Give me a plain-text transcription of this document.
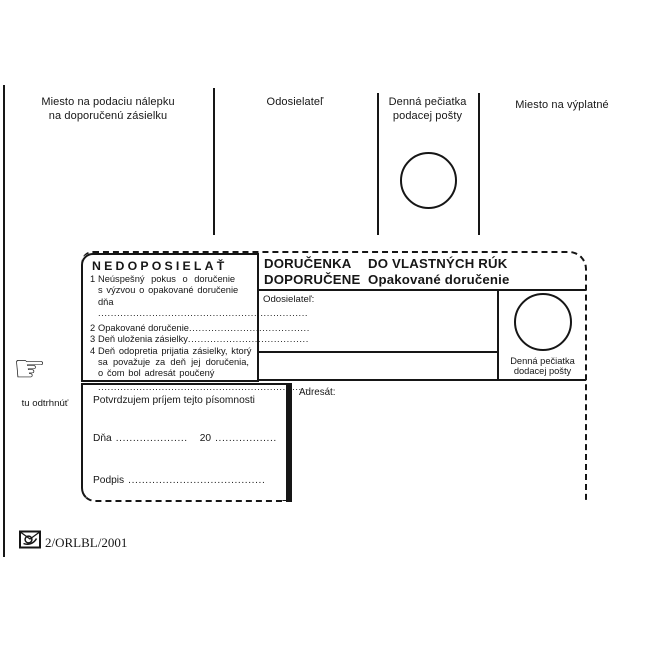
Miesto na podaciu nálepku
na doporučenú zásielku
Odosielateľ	Denná pečiatka
podacej pošty
Miesto na výplatné
NEDOPOSIELAŤ
1 Neúspešný pokus o doručenie
s výzvou o opakované doručenie dňa
..................................................................
2 Opakované doručenie ......................................
3 Deň uloženia zásielky ......................................
4 Deň odopretia prijatia zásielky, ktorý
sa považuje za deň jej doručenia,
o čom bol adresát poučený
..................................................................
DORUČENKA
DOPORUČENE
DO VLASTNÝCH RÚK
Opakované doručenie
Odosielateľ:
Denná pečiatka
dodacej pošty
Potvrdzujem príjem tejto písomnosti
Dňa ..................... 20 ..................
Podpis ........................................
Adresát:
☞
tu odtrhnúť
2/ORLBL/2001
